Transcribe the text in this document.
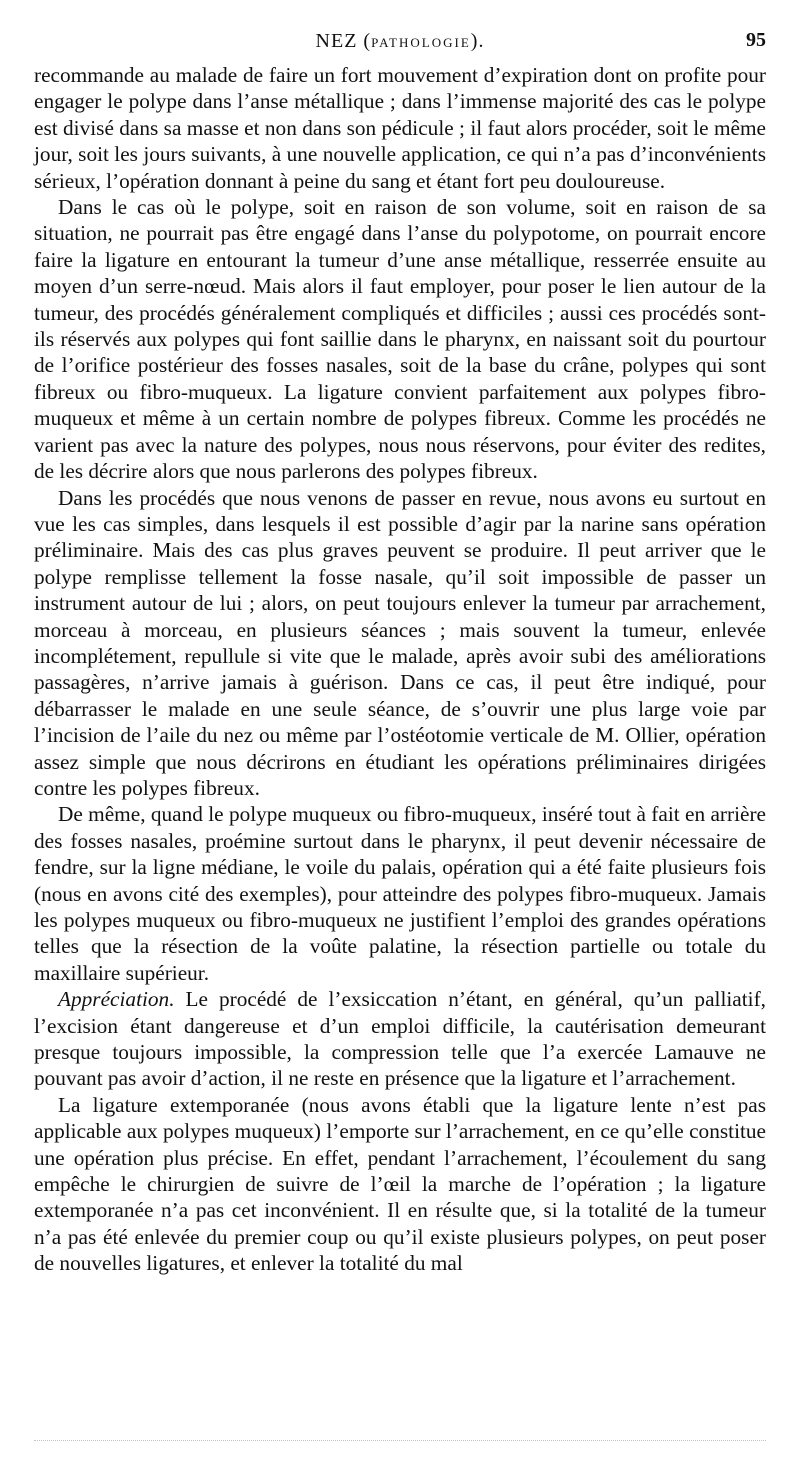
NEZ (PATHOLOGIE).	95

recommande au malade de faire un fort mouvement d’expiration dont on profite pour engager le polype dans l’anse métallique ; dans l’immense majorité des cas le polype est divisé dans sa masse et non dans son pédicule ; il faut alors procéder, soit le même jour, soit les jours suivants, à une nouvelle application, ce qui n’a pas d’inconvénients sérieux, l’opération donnant à peine du sang et étant fort peu douloureuse.

Dans le cas où le polype, soit en raison de son volume, soit en raison de sa situation, ne pourrait pas être engagé dans l’anse du polypotome, on pourrait encore faire la ligature en entourant la tumeur d’une anse métallique, resserrée ensuite au moyen d’un serre-nœud. Mais alors il faut employer, pour poser le lien autour de la tumeur, des procédés généralement compliqués et difficiles ; aussi ces procédés sont-ils réservés aux polypes qui font saillie dans le pharynx, en naissant soit du pourtour de l’orifice postérieur des fosses nasales, soit de la base du crâne, polypes qui sont fibreux ou fibro-muqueux. La ligature convient parfaitement aux polypes fibro-muqueux et même à un certain nombre de polypes fibreux. Comme les procédés ne varient pas avec la nature des polypes, nous nous réservons, pour éviter des redites, de les décrire alors que nous parlerons des polypes fibreux.

Dans les procédés que nous venons de passer en revue, nous avons eu surtout en vue les cas simples, dans lesquels il est possible d’agir par la narine sans opération préliminaire. Mais des cas plus graves peuvent se produire. Il peut arriver que le polype remplisse tellement la fosse nasale, qu’il soit impossible de passer un instrument autour de lui ; alors, on peut toujours enlever la tumeur par arrachement, morceau à morceau, en plusieurs séances ; mais souvent la tumeur, enlevée incomplétement, repullule si vite que le malade, après avoir subi des améliorations passagères, n’arrive jamais à guérison. Dans ce cas, il peut être indiqué, pour débarrasser le malade en une seule séance, de s’ouvrir une plus large voie par l’incision de l’aile du nez ou même par l’ostéotomie verticale de M. Ollier, opération assez simple que nous décrirons en étudiant les opérations préliminaires dirigées contre les polypes fibreux.

De même, quand le polype muqueux ou fibro-muqueux, inséré tout à fait en arrière des fosses nasales, proémine surtout dans le pharynx, il peut devenir nécessaire de fendre, sur la ligne médiane, le voile du palais, opération qui a été faite plusieurs fois (nous en avons cité des exemples), pour atteindre des polypes fibro-muqueux. Jamais les polypes muqueux ou fibro-muqueux ne justifient l’emploi des grandes opérations telles que la résection de la voûte palatine, la résection partielle ou totale du maxillaire supérieur.

Appréciation. Le procédé de l’exsiccation n’étant, en général, qu’un palliatif, l’excision étant dangereuse et d’un emploi difficile, la cautérisation demeurant presque toujours impossible, la compression telle que l’a exercée Lamauve ne pouvant pas avoir d’action, il ne reste en présence que la ligature et l’arrachement.

La ligature extemporanée (nous avons établi que la ligature lente n’est pas applicable aux polypes muqueux) l’emporte sur l’arrachement, en ce qu’elle constitue une opération plus précise. En effet, pendant l’arrachement, l’écoulement du sang empêche le chirurgien de suivre de l’œil la marche de l’opération ; la ligature extemporanée n’a pas cet inconvénient. Il en résulte que, si la totalité de la tumeur n’a pas été enlevée du premier coup ou qu’il existe plusieurs polypes, on peut poser de nouvelles ligatures, et enlever la totalité du mal
